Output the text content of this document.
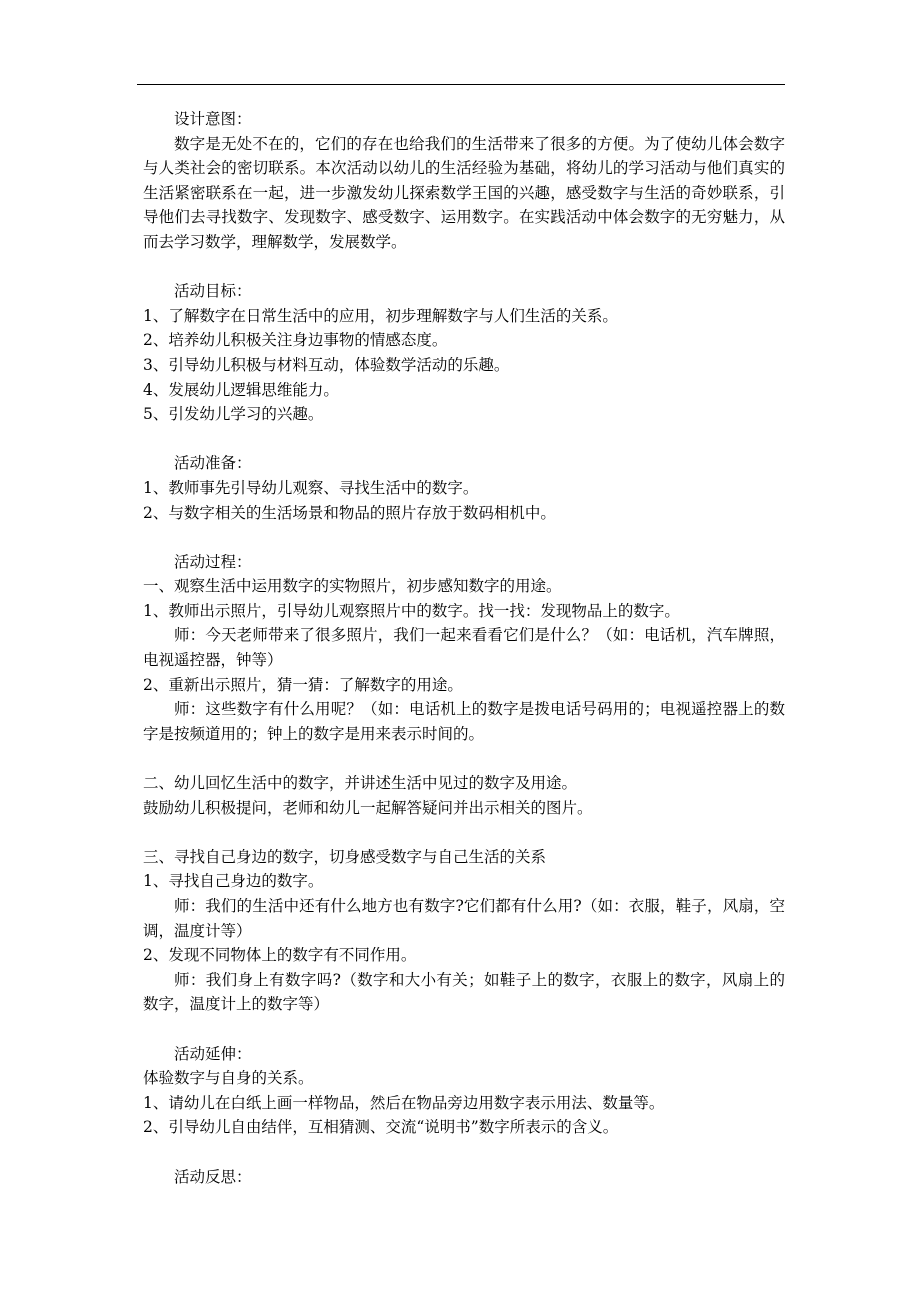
设计意图：
数字是无处不在的，它们的存在也给我们的生活带来了很多的方便。为了使幼儿体会数字与人类社会的密切联系。本次活动以幼儿的生活经验为基础，将幼儿的学习活动与他们真实的生活紧密联系在一起，进一步激发幼儿探索数学王国的兴趣，感受数字与生活的奇妙联系，引导他们去寻找数字、发现数字、感受数字、运用数字。在实践活动中体会数字的无穷魅力，从而去学习数学，理解数学，发展数学。
活动目标：
1、了解数字在日常生活中的应用，初步理解数字与人们生活的关系。
2、培养幼儿积极关注身边事物的情感态度。
3、引导幼儿积极与材料互动，体验数学活动的乐趣。
4、发展幼儿逻辑思维能力。
5、引发幼儿学习的兴趣。
活动准备：
1、教师事先引导幼儿观察、寻找生活中的数字。
2、与数字相关的生活场景和物品的照片存放于数码相机中。
活动过程：
一、观察生活中运用数字的实物照片，初步感知数字的用途。
1、教师出示照片，引导幼儿观察照片中的数字。找一找：发现物品上的数字。
师：今天老师带来了很多照片，我们一起来看看它们是什么？（如：电话机，汽车牌照，电视遥控器，钟等）
2、重新出示照片，猜一猜：了解数字的用途。
师：这些数字有什么用呢？（如：电话机上的数字是拨电话号码用的；电视遥控器上的数字是按频道用的；钟上的数字是用来表示时间的。
二、幼儿回忆生活中的数字，并讲述生活中见过的数字及用途。
鼓励幼儿积极提问，老师和幼儿一起解答疑问并出示相关的图片。
三、寻找自己身边的数字，切身感受数字与自己生活的关系
1、寻找自己身边的数字。
师：我们的生活中还有什么地方也有数字?它们都有什么用?（如：衣服，鞋子，风扇，空调，温度计等）
2、发现不同物体上的数字有不同作用。
师：我们身上有数字吗?（数字和大小有关；如鞋子上的数字，衣服上的数字，风扇上的数字，温度计上的数字等）
活动延伸：
体验数字与自身的关系。
1、请幼儿在白纸上画一样物品，然后在物品旁边用数字表示用法、数量等。
2、引导幼儿自由结伴，互相猜测、交流“说明书”数字所表示的含义。
活动反思：
